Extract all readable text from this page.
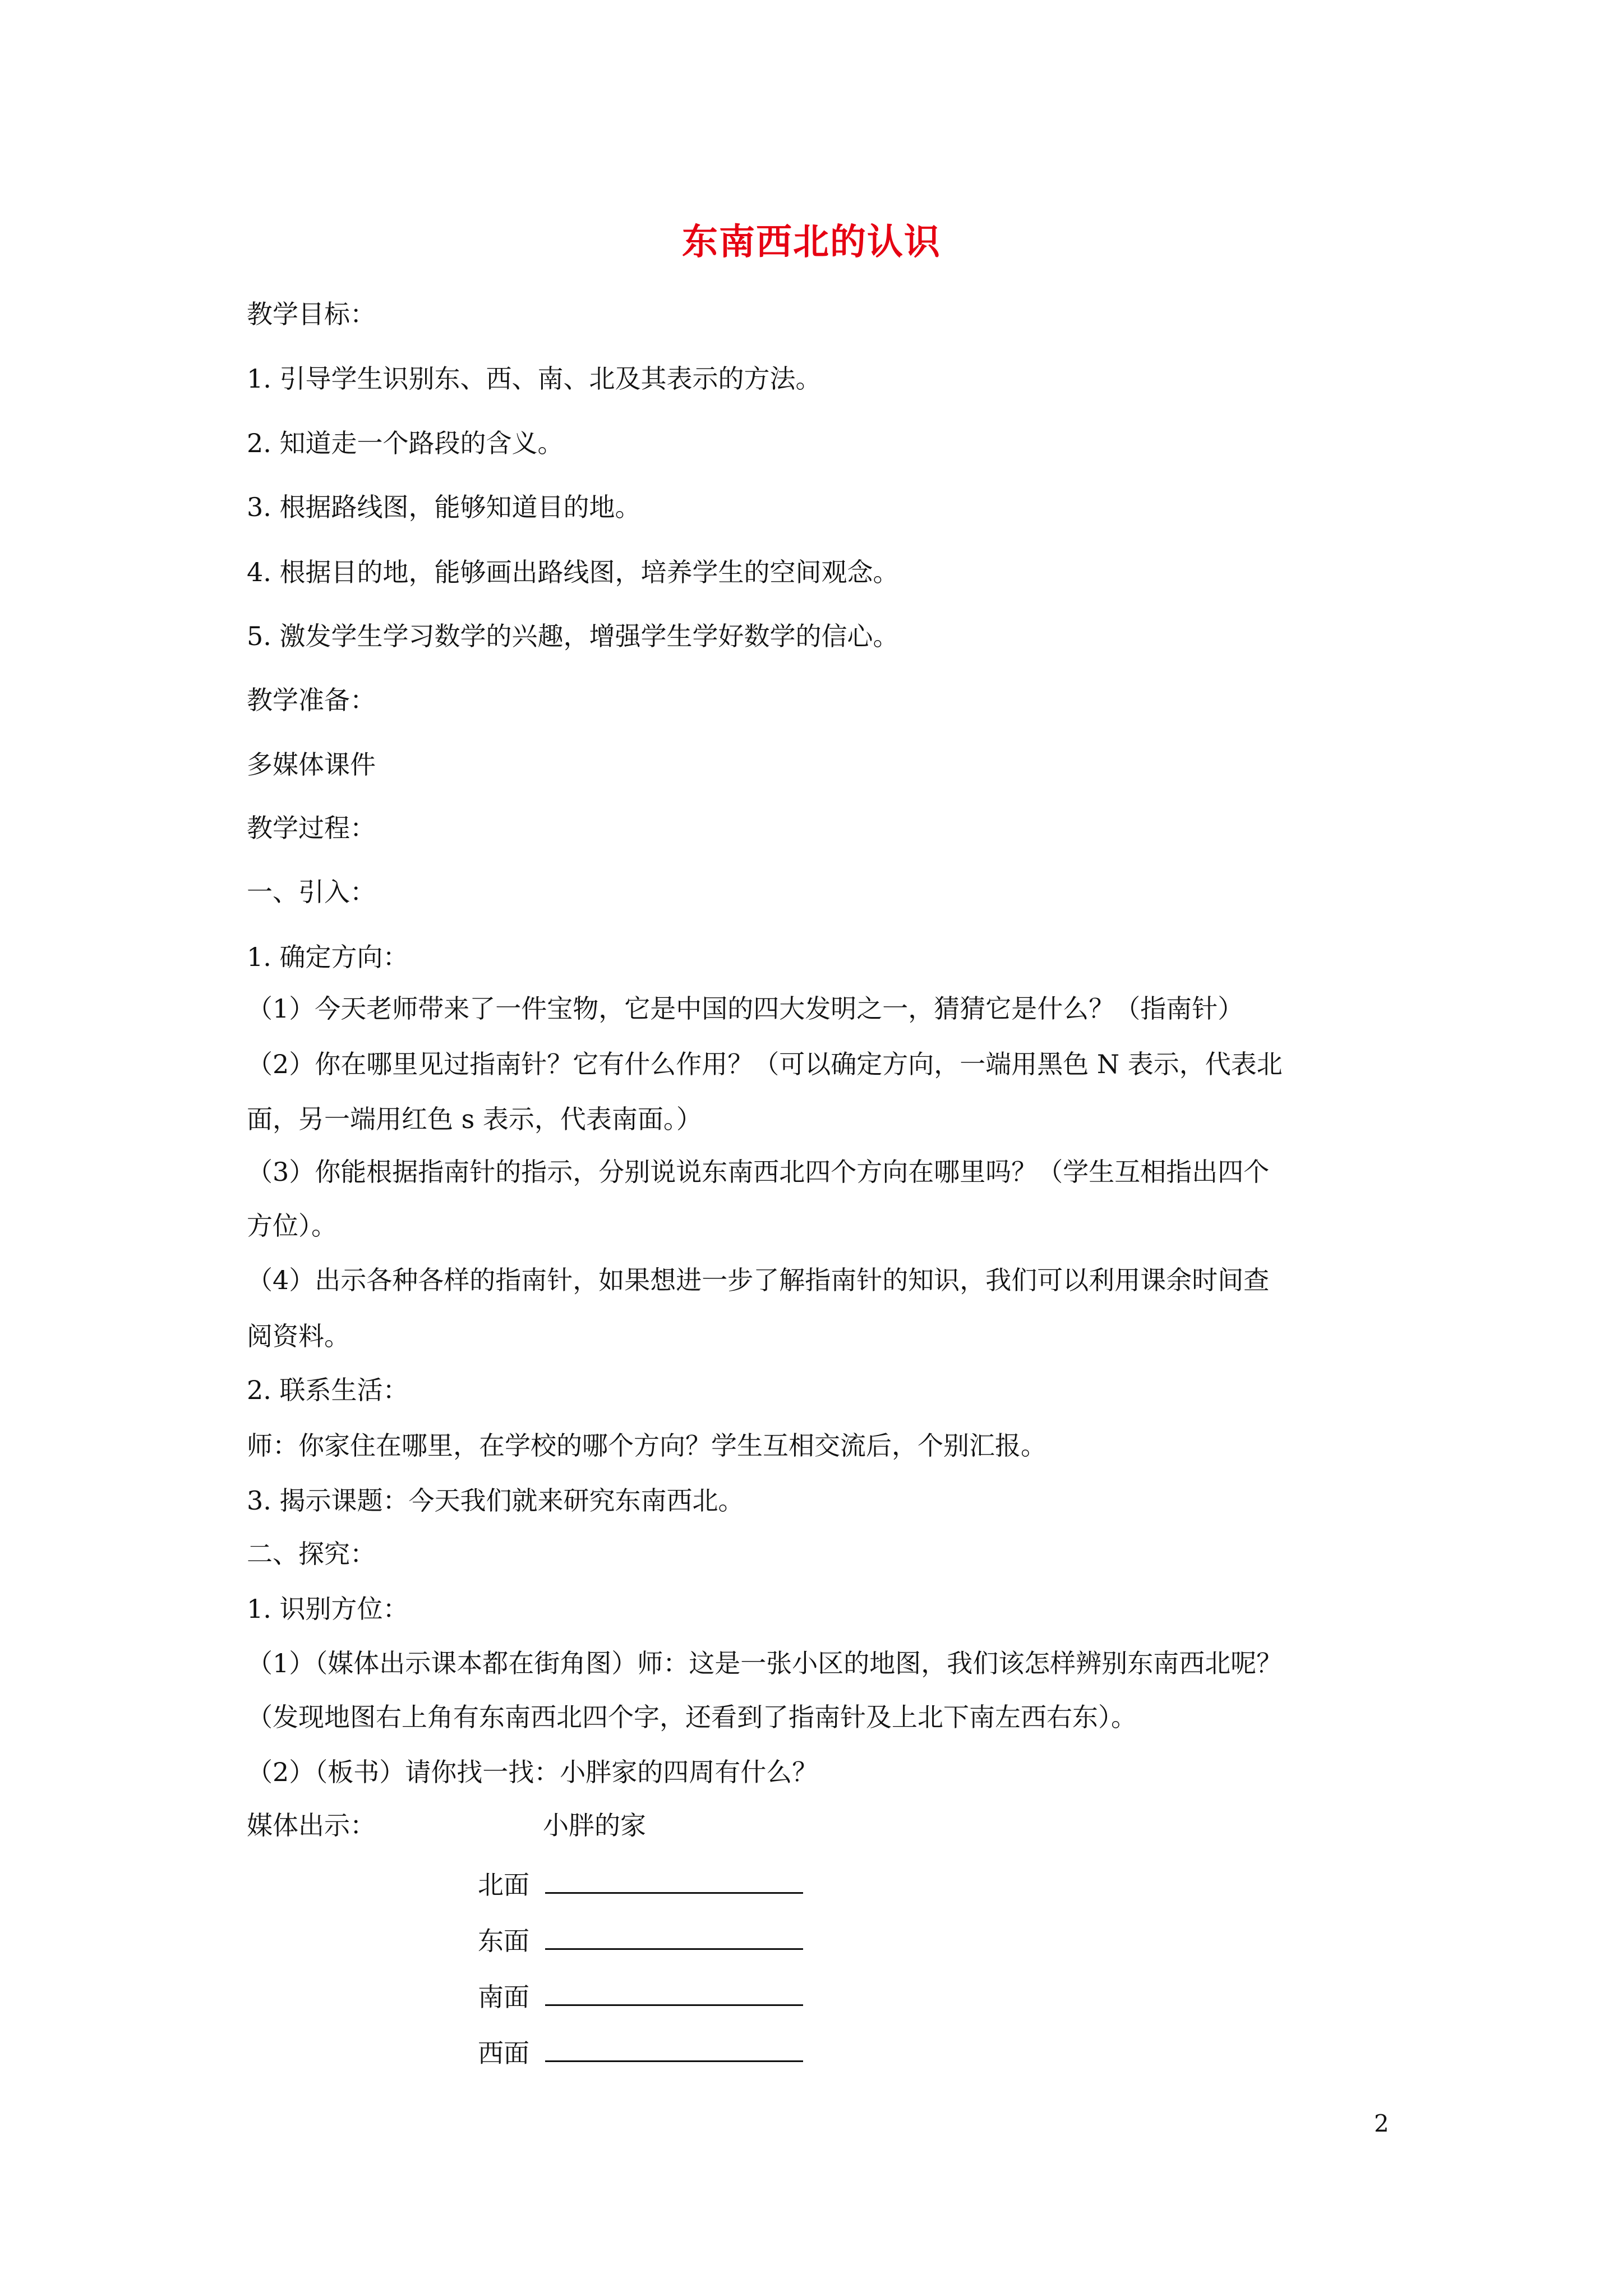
东南西北的认识
教学目标：
1. 引导学生识别东、西、南、北及其表示的方法。
2. 知道走一个路段的含义。
3. 根据路线图，能够知道目的地。
4. 根据目的地，能够画出路线图，培养学生的空间观念。
5. 激发学生学习数学的兴趣，增强学生学好数学的信心。
教学准备：
多媒体课件
教学过程：
一、引入：
1. 确定方向：
（1）今天老师带来了一件宝物，它是中国的四大发明之一，猜猜它是什么？（指南针）
（2）你在哪里见过指南针？它有什么作用？（可以确定方向，一端用黑色 N 表示，代表北
面，另一端用红色 s 表示，代表南面。）
（3）你能根据指南针的指示，分别说说东南西北四个方向在哪里吗？（学生互相指出四个
方位）。
（4）出示各种各样的指南针，如果想进一步了解指南针的知识，我们可以利用课余时间查
阅资料。
2. 联系生活：
师：你家住在哪里，在学校的哪个方向？学生互相交流后，个别汇报。
3. 揭示课题：今天我们就来研究东南西北。
二、探究：
1. 识别方位：
（1）（媒体出示课本都在街角图）师：这是一张小区的地图，我们该怎样辨别东南西北呢？
（发现地图右上角有东南西北四个字，还看到了指南针及上北下南左西右东）。
（2）（板书）请你找一找：小胖家的四周有什么？
媒体出示：	小胖的家
北面
东面
南面
西面
2
